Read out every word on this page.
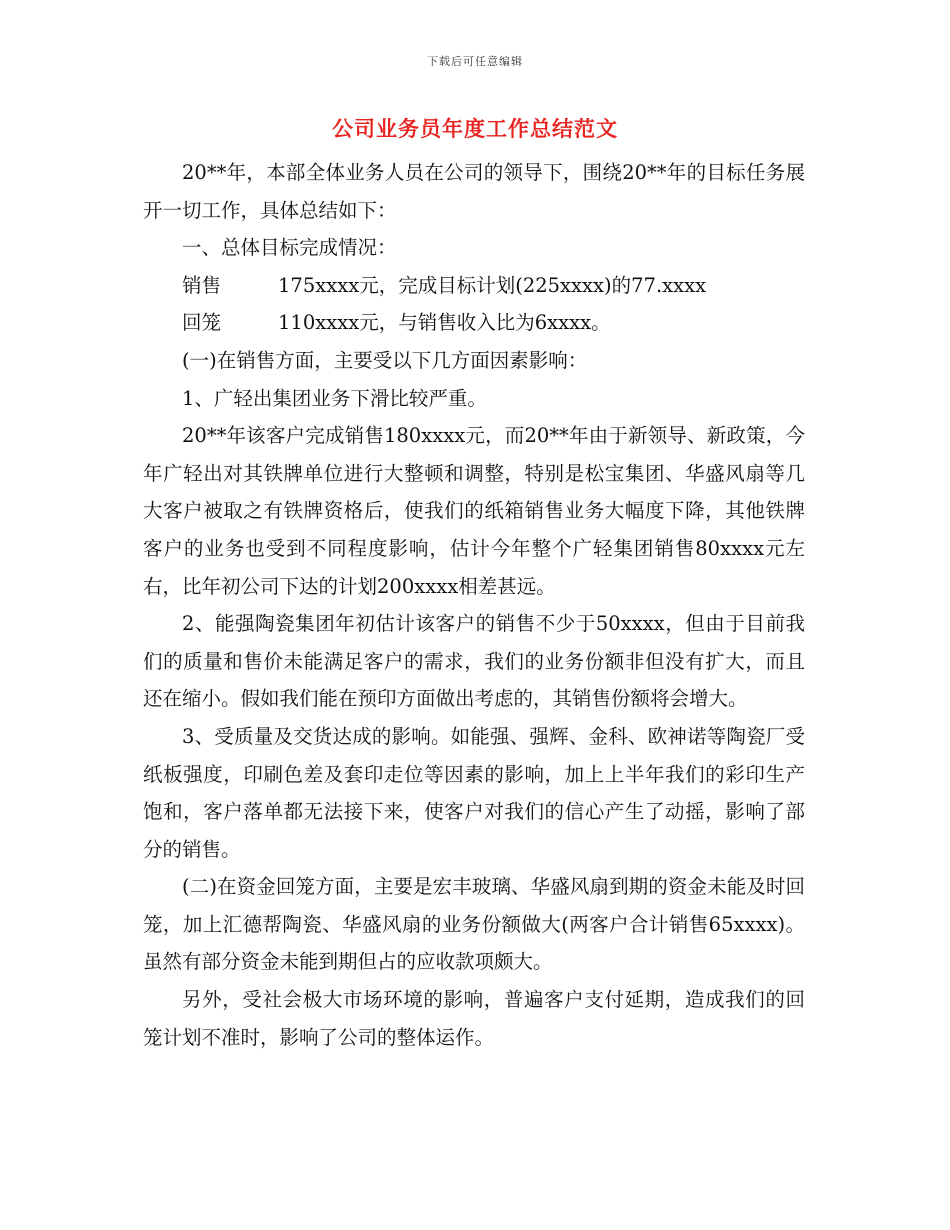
下载后可任意编辑
公司业务员年度工作总结范文

20**年，本部全体业务人员在公司的领导下，围绕20**年的目标任务展开一切工作，具体总结如下：

一、总体目标完成情况：

销售	175xxxx元，完成目标计划(225xxxx)的77.xxxx

回笼	110xxxx元，与销售收入比为6xxxx。

(一)在销售方面，主要受以下几方面因素影响：

1、广轻出集团业务下滑比较严重。

20**年该客户完成销售180xxxx元，而20**年由于新领导、新政策，今年广轻出对其铁牌单位进行大整顿和调整，特别是松宝集团、华盛风扇等几大客户被取之有铁牌资格后，使我们的纸箱销售业务大幅度下降，其他铁牌客户的业务也受到不同程度影响，估计今年整个广轻集团销售80xxxx元左右，比年初公司下达的计划200xxxx相差甚远。

2、能强陶瓷集团年初估计该客户的销售不少于50xxxx，但由于目前我们的质量和售价未能满足客户的需求，我们的业务份额非但没有扩大，而且还在缩小。假如我们能在预印方面做出考虑的，其销售份额将会增大。

3、受质量及交货达成的影响。如能强、强辉、金科、欧神诺等陶瓷厂受纸板强度，印刷色差及套印走位等因素的影响，加上上半年我们的彩印生产饱和，客户落单都无法接下来，使客户对我们的信心产生了动摇，影响了部分的销售。

(二)在资金回笼方面，主要是宏丰玻璃、华盛风扇到期的资金未能及时回笼，加上汇德帮陶瓷、华盛风扇的业务份额做大(两客户合计销售65xxxx)。虽然有部分资金未能到期但占的应收款项颇大。

另外，受社会极大市场环境的影响，普遍客户支付延期，造成我们的回笼计划不准时，影响了公司的整体运作。
